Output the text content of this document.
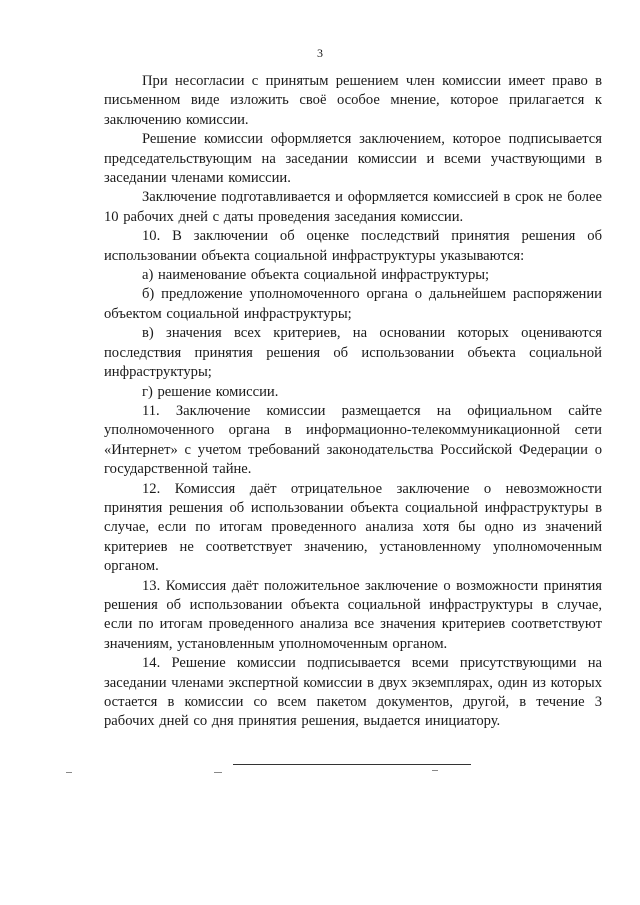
3

При несогласии с принятым решением член комиссии имеет право в письменном виде изложить своё особое мнение, которое прилагается к заключению комиссии.

Решение комиссии оформляется заключением, которое подписывается председательствующим на заседании комиссии и всеми участвующими в заседании членами комиссии.

Заключение подготавливается и оформляется комиссией в срок не более 10 рабочих дней с даты проведения заседания комиссии.

10. В заключении об оценке последствий принятия решения об использовании объекта социальной инфраструктуры указываются:

а) наименование объекта социальной инфраструктуры;

б) предложение уполномоченного органа о дальнейшем распоряжении объектом социальной инфраструктуры;

в) значения всех критериев, на основании которых оцениваются последствия принятия решения об использовании объекта социальной инфраструктуры;

г) решение комиссии.

11. Заключение комиссии размещается на официальном сайте уполномоченного органа в информационно-телекоммуникационной сети «Интернет» с учетом требований законодательства Российской Федерации о государственной тайне.

12. Комиссия даёт отрицательное заключение о невозможности принятия решения об использовании объекта социальной инфраструктуры в случае, если по итогам проведенного анализа хотя бы одно из значений критериев не соответствует значению, установленному уполномоченным органом.

13. Комиссия даёт положительное заключение о возможности принятия решения об использовании объекта социальной инфраструктуры в случае, если по итогам проведенного анализа все значения критериев соответствуют значениям, установленным уполномоченным органом.

14. Решение комиссии подписывается всеми присутствующими на заседании членами экспертной комиссии в двух экземплярах, один из которых остается в комиссии со всем пакетом документов, другой, в течение 3 рабочих дней со дня принятия решения, выдается инициатору.
